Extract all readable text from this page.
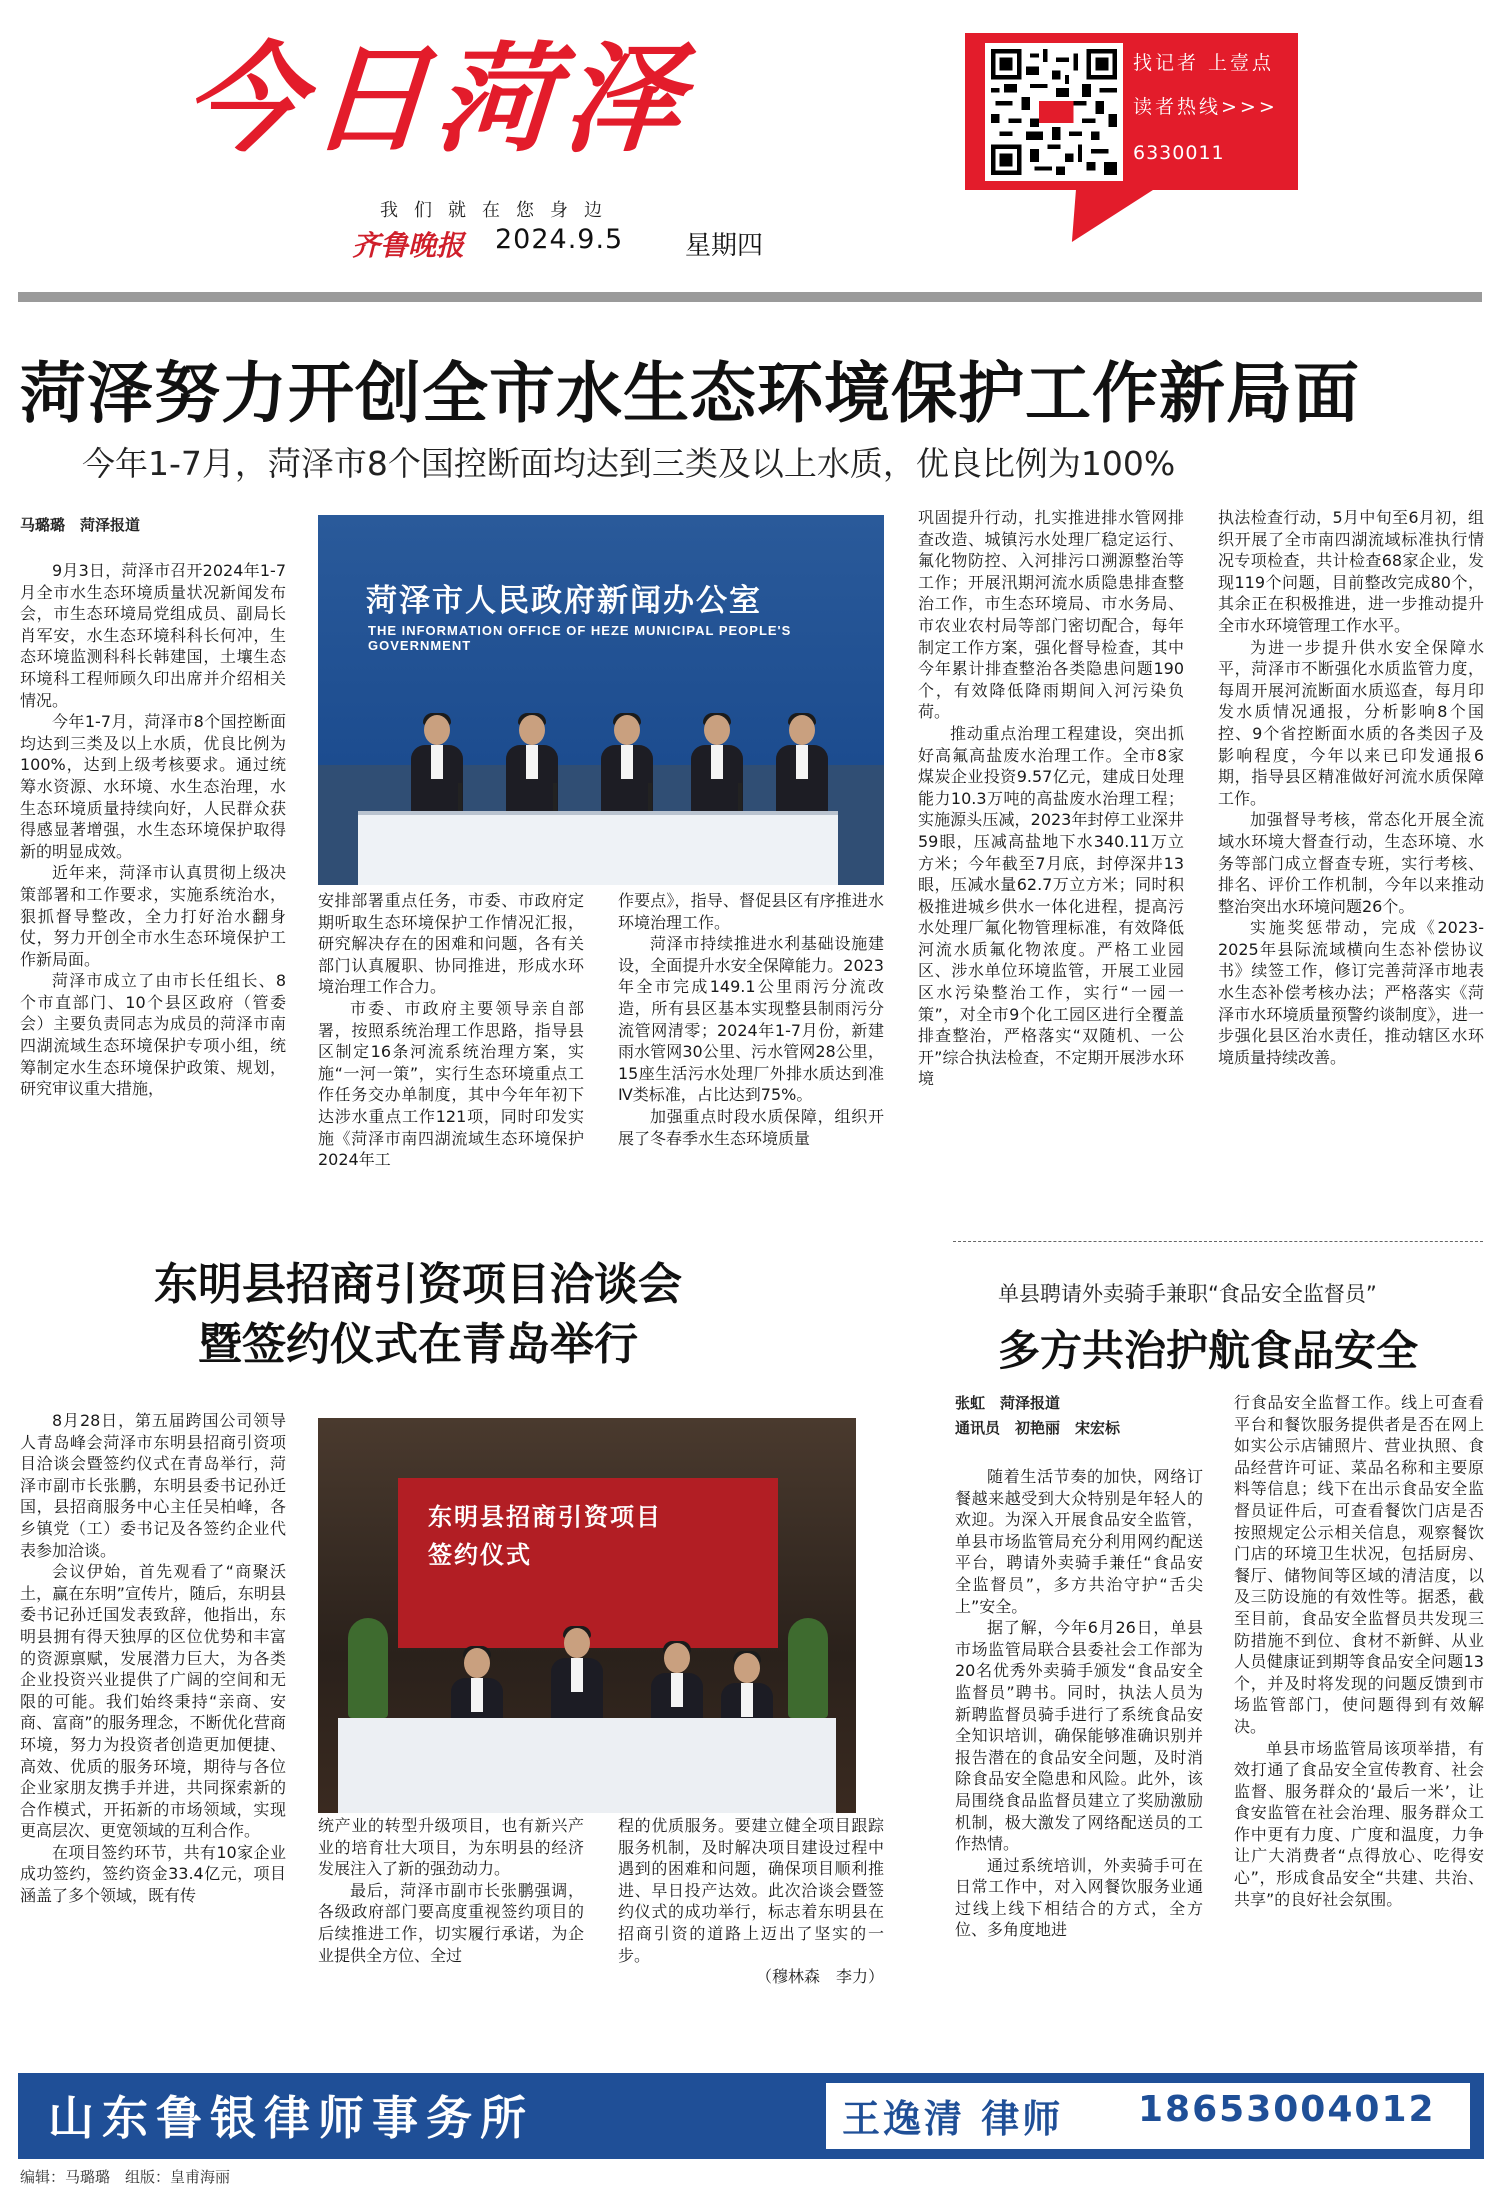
今日菏泽
我们就在您身边
齐鲁晚报 2024.9.5 星期四
找记者 上壹点
读者热线>>>
6330011
菏泽努力开创全市水生态环境保护工作新局面
今年1-7月，菏泽市8个国控断面均达到三类及以上水质，优良比例为100%
马璐璐　菏泽报道

9月3日，菏泽市召开2024年1-7月全市水生态环境质量状况新闻发布会，市生态环境局党组成员、副局长肖军安，水生态环境科科长何冲，生态环境监测科科长韩建国，土壤生态环境科工程师顾久印出席并介绍相关情况。

今年1-7月，菏泽市8个国控断面均达到三类及以上水质，优良比例为100%，达到上级考核要求。通过统筹水资源、水环境、水生态治理，水生态环境质量持续向好，人民群众获得感显著增强，水生态环境保护取得新的明显成效。

近年来，菏泽市认真贯彻上级决策部署和工作要求，实施系统治水，狠抓督导整改，全力打好治水翻身仗，努力开创全市水生态环境保护工作新局面。

菏泽市成立了由市长任组长、8个市直部门、10个县区政府（管委会）主要负责同志为成员的菏泽市南四湖流域生态环境保护专项小组，统筹制定水生态环境保护政策、规划，研究审议重大措施，

菏泽市人民政府新闻办公室
THE INFORMATION OFFICE OF HEZE MUNICIPAL PEOPLE'S GOVERNMENT

安排部署重点任务，市委、市政府定期听取生态环境保护工作情况汇报，研究解决存在的困难和问题，各有关部门认真履职、协同推进，形成水环境治理工作合力。

市委、市政府主要领导亲自部署，按照系统治理工作思路，指导县区制定16条河流系统治理方案，实施“一河一策”，实行生态环境重点工作任务交办单制度，其中今年年初下达涉水重点工作121项，同时印发实施《菏泽市南四湖流域生态环境保护2024年工

作要点》，指导、督促县区有序推进水环境治理工作。

菏泽市持续推进水利基础设施建设，全面提升水安全保障能力。2023年全市完成149.1公里雨污分流改造，所有县区基本实现整县制雨污分流管网清零；2024年1-7月份，新建雨水管网30公里、污水管网28公里，15座生活污水处理厂外排水质达到准Ⅳ类标准，占比达到75%。

加强重点时段水质保障，组织开展了冬春季水生态环境质量

巩固提升行动，扎实推进排水管网排查改造、城镇污水处理厂稳定运行、氟化物防控、入河排污口溯源整治等工作；开展汛期河流水质隐患排查整治工作，市生态环境局、市水务局、市农业农村局等部门密切配合，每年制定工作方案，强化督导检查，其中今年累计排查整治各类隐患问题190个，有效降低降雨期间入河污染负荷。

推动重点治理工程建设，突出抓好高氟高盐废水治理工作。全市8家煤炭企业投资9.57亿元，建成日处理能力10.3万吨的高盐废水治理工程；实施源头压减，2023年封停工业深井59眼，压减高盐地下水340.11万立方米；今年截至7月底，封停深井13眼，压减水量62.7万立方米；同时积极推进城乡供水一体化进程，提高污水处理厂氟化物管理标准，有效降低河流水质氟化物浓度。严格工业园区、涉水单位环境监管，开展工业园区水污染整治工作，实行“一园一策”，对全市9个化工园区进行全覆盖排查整治，严格落实“双随机、一公开”综合执法检查，不定期开展涉水环境

执法检查行动，5月中旬至6月初，组织开展了全市南四湖流域标准执行情况专项检查，共计检查68家企业，发现119个问题，目前整改完成80个，其余正在积极推进，进一步推动提升全市水环境管理工作水平。

为进一步提升供水安全保障水平，菏泽市不断强化水质监管力度，每周开展河流断面水质巡查，每月印发水质情况通报，分析影响8个国控、9个省控断面水质的各类因子及影响程度，今年以来已印发通报6期，指导县区精准做好河流水质保障工作。

加强督导考核，常态化开展全流域水环境大督查行动，生态环境、水务等部门成立督查专班，实行考核、排名、评价工作机制，今年以来推动整治突出水环境问题26个。

实施奖惩带动，完成《2023-2025年县际流域横向生态补偿协议书》续签工作，修订完善菏泽市地表水生态补偿考核办法；严格落实《菏泽市水环境质量预警约谈制度》，进一步强化县区治水责任，推动辖区水环境质量持续改善。

东明县招商引资项目洽谈会
暨签约仪式在青岛举行

8月28日，第五届跨国公司领导人青岛峰会菏泽市东明县招商引资项目洽谈会暨签约仪式在青岛举行，菏泽市副市长张鹏，东明县委书记孙迁国，县招商服务中心主任吴柏峰，各乡镇党（工）委书记及各签约企业代表参加洽谈。

会议伊始，首先观看了“商聚沃土，赢在东明”宣传片，随后，东明县委书记孙迁国发表致辞，他指出，东明县拥有得天独厚的区位优势和丰富的资源禀赋，发展潜力巨大，为各类企业投资兴业提供了广阔的空间和无限的可能。我们始终秉持“亲商、安商、富商”的服务理念，不断优化营商环境，努力为投资者创造更加便捷、高效、优质的服务环境，期待与各位企业家朋友携手并进，共同探索新的合作模式，开拓新的市场领域，实现更高层次、更宽领域的互利合作。

在项目签约环节，共有10家企业成功签约，签约资金33.4亿元，项目涵盖了多个领域，既有传

东明县招商引资项目
签约仪式

统产业的转型升级项目，也有新兴产业的培育壮大项目，为东明县的经济发展注入了新的强劲动力。

最后，菏泽市副市长张鹏强调，各级政府部门要高度重视签约项目的后续推进工作，切实履行承诺，为企业提供全方位、全过

程的优质服务。要建立健全项目跟踪服务机制，及时解决项目建设过程中遇到的困难和问题，确保项目顺利推进、早日投产达效。此次洽谈会暨签约仪式的成功举行，标志着东明县在招商引资的道路上迈出了坚实的一步。

（穆林森　李力）

单县聘请外卖骑手兼职“食品安全监督员”
多方共治护航食品安全
张虹　菏泽报道
通讯员　初艳丽　宋宏标

随着生活节奏的加快，网络订餐越来越受到大众特别是年轻人的欢迎。为深入开展食品安全监管，单县市场监管局充分利用网约配送平台，聘请外卖骑手兼任“食品安全监督员”，多方共治守护“舌尖上”安全。

据了解，今年6月26日，单县市场监管局联合县委社会工作部为20名优秀外卖骑手颁发“食品安全监督员”聘书。同时，执法人员为新聘监督员骑手进行了系统食品安全知识培训，确保能够准确识别并报告潜在的食品安全问题，及时消除食品安全隐患和风险。此外，该局围绕食品监督员建立了奖励激励机制，极大激发了网络配送员的工作热情。

通过系统培训，外卖骑手可在日常工作中，对入网餐饮服务业通过线上线下相结合的方式，全方位、多角度地进

行食品安全监督工作。线上可查看平台和餐饮服务提供者是否在网上如实公示店铺照片、营业执照、食品经营许可证、菜品名称和主要原料等信息；线下在出示食品安全监督员证件后，可查看餐饮门店是否按照规定公示相关信息，观察餐饮门店的环境卫生状况，包括厨房、餐厅、储物间等区域的清洁度，以及三防设施的有效性等。据悉，截至目前，食品安全监督员共发现三防措施不到位、食材不新鲜、从业人员健康证到期等食品安全问题13个，并及时将发现的问题反馈到市场监管部门，使问题得到有效解决。

单县市场监管局该项举措，有效打通了食品安全宣传教育、社会监督、服务群众的‘最后一米’，让食安监管在社会治理、服务群众工作中更有力度、广度和温度，力争让广大消费者“点得放心、吃得安心”，形成食品安全“共建、共治、共享”的良好社会氛围。

山东鲁银律师事务所	王逸清 律师 18653004012
编辑：马璐璐　组版：皇甫海丽
